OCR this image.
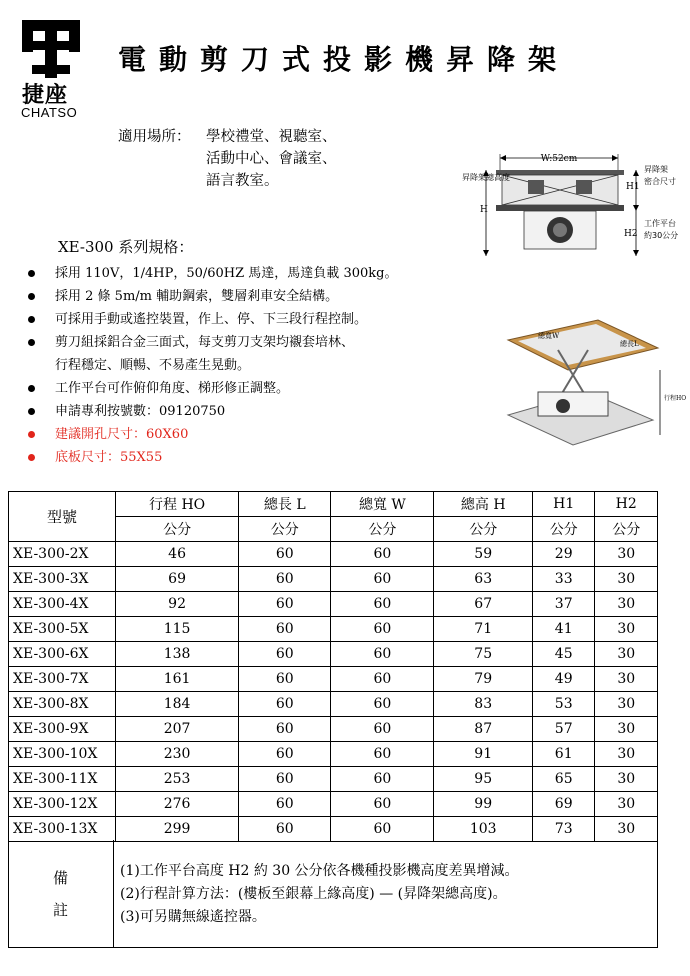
捷座
CHATSO
電動剪刀式投影機昇降架
適用場所： 學校禮堂、視聽室、
活動中心、會議室、
語言教室。
XE-300 系列規格：
採用 110V，1/4HP，50/60HZ 馬達，馬達負載 300kg。
採用 2 條 5m/m 輔助鋼索，雙層剎車安全結構。
可採用手動或遙控裝置，作上、停、下三段行程控制。
剪刀組採鋁合金三面式，每支剪刀支架均襯套培林、
行程穩定、順暢、不易產生晃動。
工作平台可作俯仰角度、梯形修正調整。
申請專利按號數：09120750
建議開孔尺寸：60X60
底板尺寸：55X55
W:52cm
H
昇降架總高度
H1
H2
昇降架
密合尺寸
工作平台
約30公分
總寬W
總長L
行程HO
型號	行程 HO	總長 L	總寬 W	總高 H	H1	H2
	公分	公分	公分	公分	公分	公分
XE-300-2X	46	60	60	59	29	30
XE-300-3X	69	60	60	63	33	30
XE-300-4X	92	60	60	67	37	30
XE-300-5X	115	60	60	71	41	30
XE-300-6X	138	60	60	75	45	30
XE-300-7X	161	60	60	79	49	30
XE-300-8X	184	60	60	83	53	30
XE-300-9X	207	60	60	87	57	30
XE-300-10X	230	60	60	91	61	30
XE-300-11X	253	60	60	95	65	30
XE-300-12X	276	60	60	99	69	30
XE-300-13X	299	60	60	103	73	30
備
註
(1)工作平台高度 H2 約 30 公分依各機種投影機高度差異增減。
(2)行程計算方法：(樓板至銀幕上緣高度) — (昇降架總高度)。
(3)可另購無線遙控器。
